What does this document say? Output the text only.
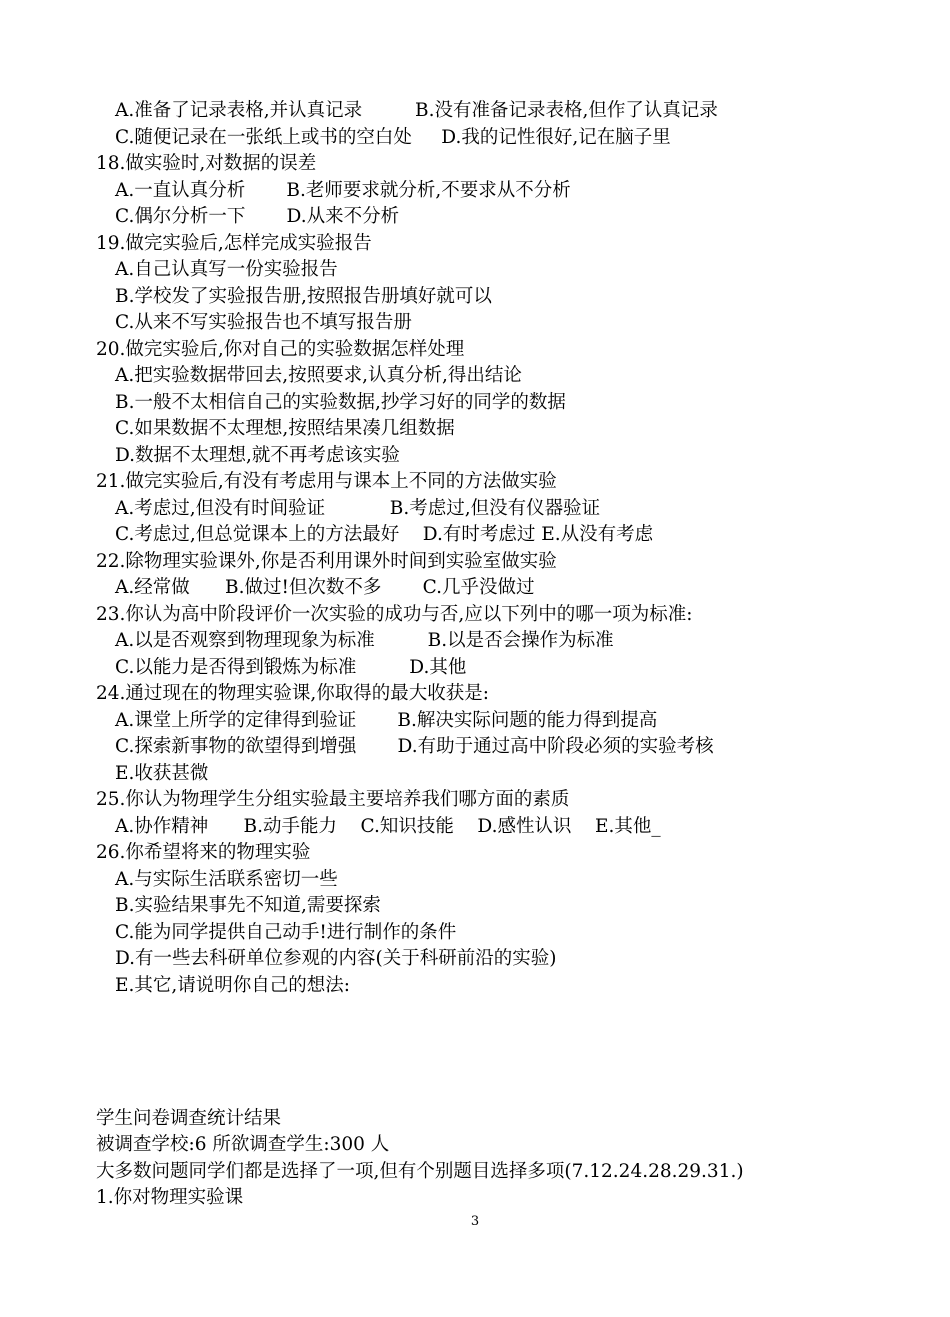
A.准备了记录表格,并认真记录         B.没有准备记录表格,但作了认真记录
C.随便记录在一张纸上或书的空白处     D.我的记性很好,记在脑子里
18.做实验时,对数据的误差
A.一直认真分析       B.老师要求就分析,不要求从不分析
C.偶尔分析一下       D.从来不分析
19.做完实验后,怎样完成实验报告
A.自己认真写一份实验报告
B.学校发了实验报告册,按照报告册填好就可以
C.从来不写实验报告也不填写报告册
20.做完实验后,你对自己的实验数据怎样处理
A.把实验数据带回去,按照要求,认真分析,得出结论
B.一般不太相信自己的实验数据,抄学习好的同学的数据
C.如果数据不太理想,按照结果凑几组数据
D.数据不太理想,就不再考虑该实验
21.做完实验后,有没有考虑用与课本上不同的方法做实验
A.考虑过,但没有时间验证           B.考虑过,但没有仪器验证
C.考虑过,但总觉课本上的方法最好    D.有时考虑过 E.从没有考虑
22.除物理实验课外,你是否利用课外时间到实验室做实验
A.经常做      B.做过!但次数不多       C.几乎没做过
23.你认为高中阶段评价一次实验的成功与否,应以下列中的哪一项为标准:
A.以是否观察到物理现象为标准         B.以是否会操作为标准
C.以能力是否得到锻炼为标准         D.其他
24.通过现在的物理实验课,你取得的最大收获是:
A.课堂上所学的定律得到验证       B.解决实际问题的能力得到提高
C.探索新事物的欲望得到增强       D.有助于通过高中阶段必须的实验考核
E.收获甚微
25.你认为物理学生分组实验最主要培养我们哪方面的素质
A.协作精神      B.动手能力    C.知识技能    D.感性认识    E.其他_
26.你希望将来的物理实验
A.与实际生活联系密切一些
B.实验结果事先不知道,需要探索
C.能为同学提供自己动手!进行制作的条件
D.有一些去科研单位参观的内容(关于科研前沿的实验)
E.其它,请说明你自己的想法:
学生问卷调查统计结果
被调查学校:6 所欲调查学生:300 人
大多数问题同学们都是选择了一项,但有个别题目选择多项(7.12.24.28.29.31.)
1.你对物理实验课
3
